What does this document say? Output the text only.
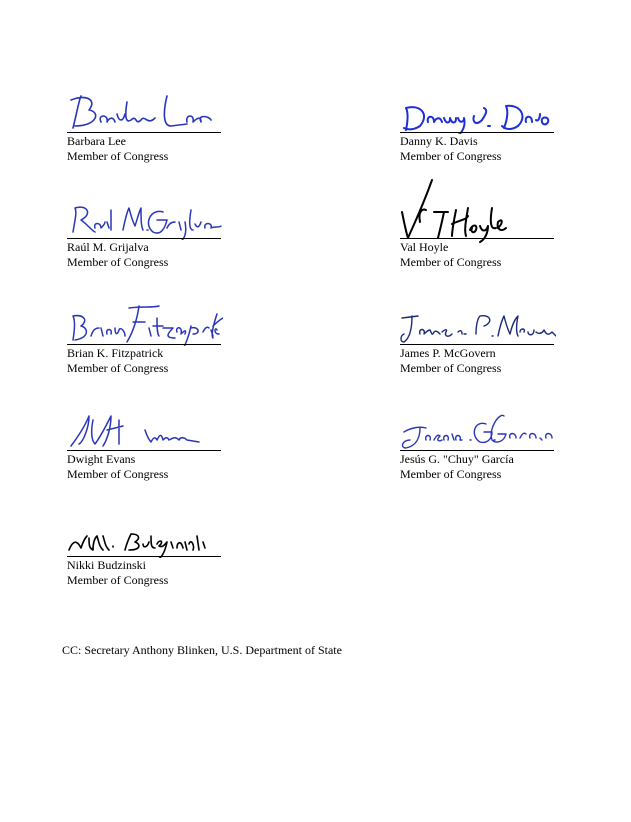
Barbara Lee
Member of Congress
Danny K. Davis
Member of Congress
Raúl M. Grijalva
Member of Congress
Val Hoyle
Member of Congress
Brian K. Fitzpatrick
Member of Congress
James P. McGovern
Member of Congress
Dwight Evans
Member of Congress
Jesús G. "Chuy" García
Member of Congress
Nikki Budzinski
Member of Congress
CC: Secretary Anthony Blinken, U.S. Department of State
